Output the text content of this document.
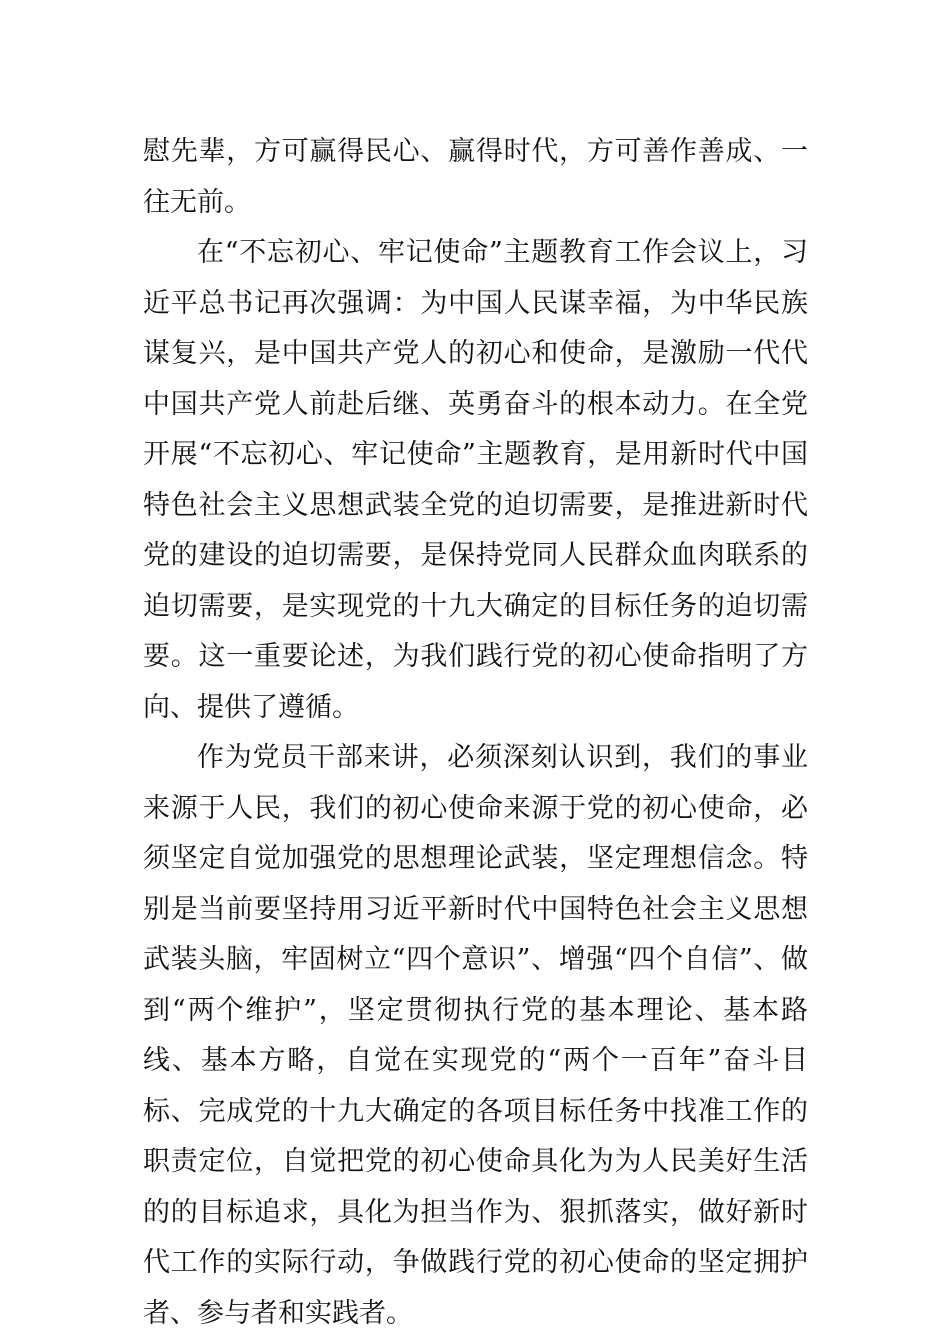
慰先辈，方可赢得民心、赢得时代，方可善作善成、一往无前。

在“不忘初心、牢记使命”主题教育工作会议上，习近平总书记再次强调：为中国人民谋幸福，为中华民族谋复兴，是中国共产党人的初心和使命，是激励一代代中国共产党人前赴后继、英勇奋斗的根本动力。在全党开展“不忘初心、牢记使命”主题教育，是用新时代中国特色社会主义思想武装全党的迫切需要，是推进新时代党的建设的迫切需要，是保持党同人民群众血肉联系的迫切需要，是实现党的十九大确定的目标任务的迫切需要。这一重要论述，为我们践行党的初心使命指明了方向、提供了遵循。

作为党员干部来讲，必须深刻认识到，我们的事业来源于人民，我们的初心使命来源于党的初心使命，必须坚定自觉加强党的思想理论武装，坚定理想信念。特别是当前要坚持用习近平新时代中国特色社会主义思想武装头脑，牢固树立“四个意识”、增强“四个自信”、做到“两个维护”，坚定贯彻执行党的基本理论、基本路线、基本方略，自觉在实现党的“两个一百年”奋斗目标、完成党的十九大确定的各项目标任务中找准工作的职责定位，自觉把党的初心使命具化为为人民美好生活的的目标追求，具化为担当作为、狠抓落实，做好新时代工作的实际行动，争做践行党的初心使命的坚定拥护者、参与者和实践者。
